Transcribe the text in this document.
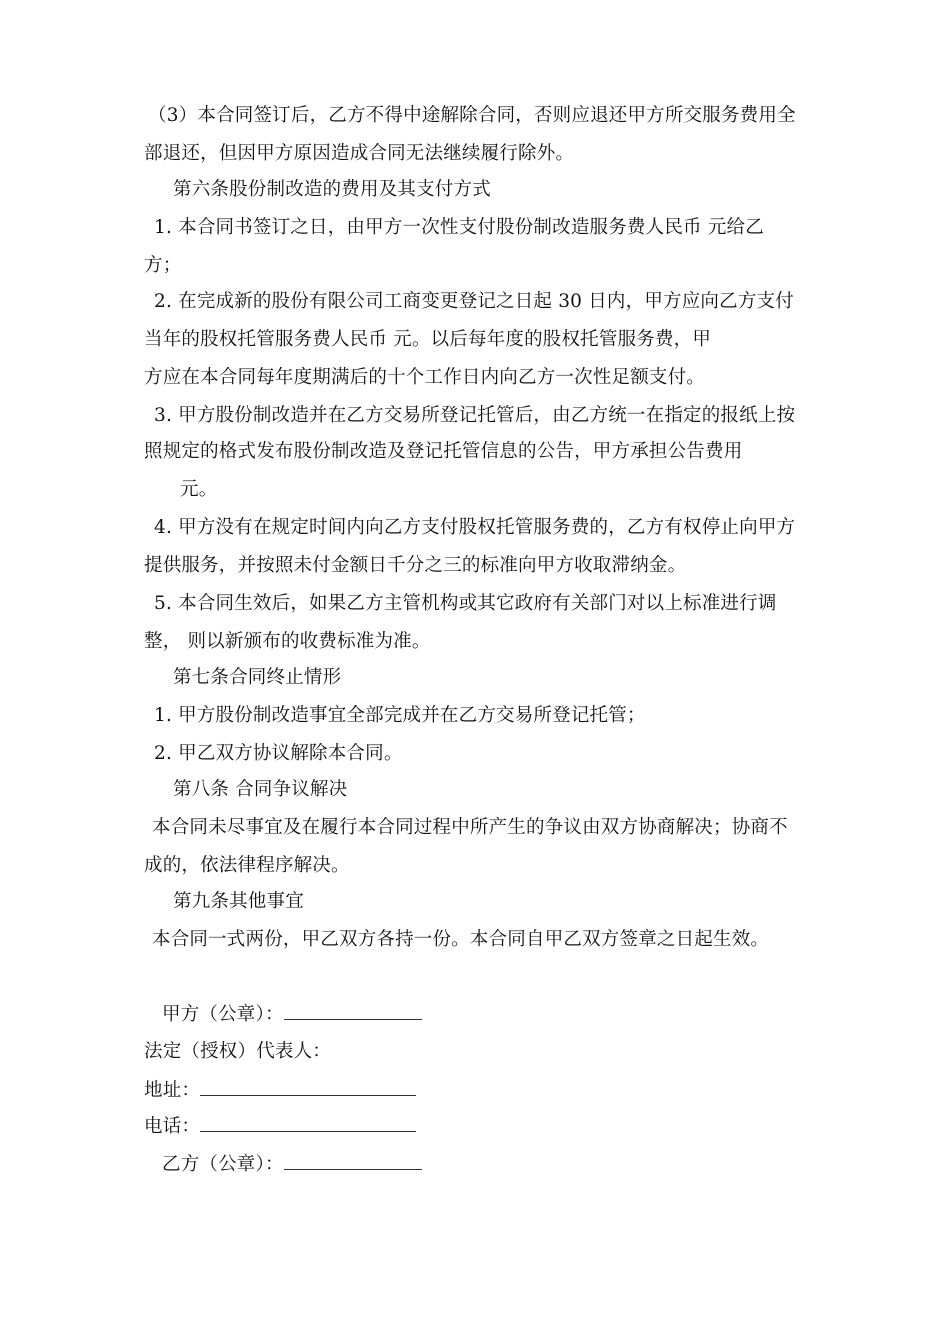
（3）本合同签订后，乙方不得中途解除合同，否则应退还甲方所交服务费用全
部退还，但因甲方原因造成合同无法继续履行除外。
第六条股份制改造的费用及其支付方式
1. 本合同书签订之日，由甲方一次性支付股份制改造服务费人民币 元给乙
方；
2. 在完成新的股份有限公司工商变更登记之日起 30 日内，甲方应向乙方支付
当年的股权托管服务费人民币 元。以后每年度的股权托管服务费，甲
方应在本合同每年度期满后的十个工作日内向乙方一次性足额支付。
3. 甲方股份制改造并在乙方交易所登记托管后，由乙方统一在指定的报纸上按
照规定的格式发布股份制改造及登记托管信息的公告，甲方承担公告费用
元。
4. 甲方没有在规定时间内向乙方支付股权托管服务费的，乙方有权停止向甲方
提供服务，并按照未付金额日千分之三的标准向甲方收取滞纳金。
5. 本合同生效后，如果乙方主管机构或其它政府有关部门对以上标准进行调
整， 则以新颁布的收费标准为准。
第七条合同终止情形
1. 甲方股份制改造事宜全部完成并在乙方交易所登记托管；
2. 甲乙双方协议解除本合同。
第八条 合同争议解决
本合同未尽事宜及在履行本合同过程中所产生的争议由双方协商解决；协商不
成的，依法律程序解决。
第九条其他事宜
本合同一式两份，甲乙双方各持一份。本合同自甲乙双方签章之日起生效。
甲方（公章）：
法定（授权）代表人：
地址：
电话：
乙方（公章）：
